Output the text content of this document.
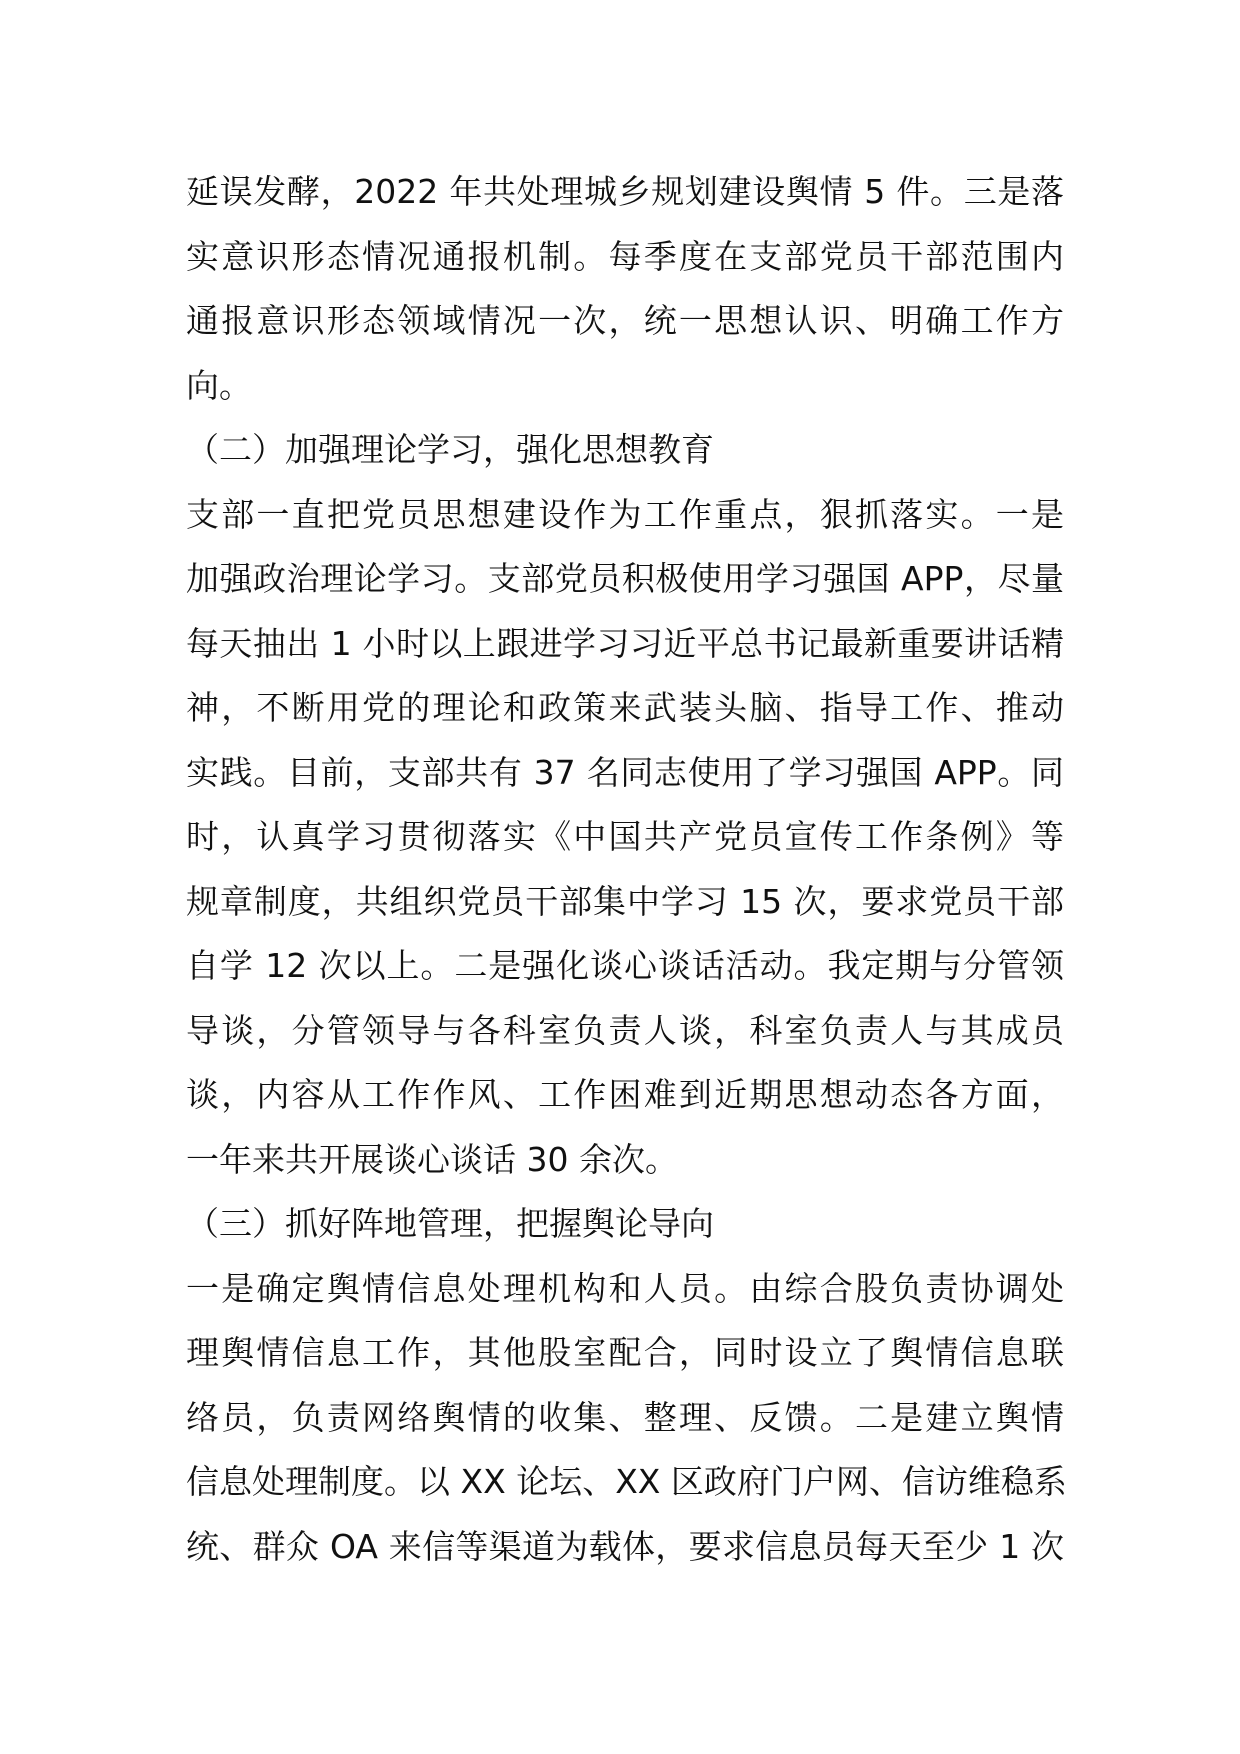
延误发酵，2022 年共处理城乡规划建设舆情 5 件。三是落
实意识形态情况通报机制。每季度在支部党员干部范围内
通报意识形态领域情况一次，统一思想认识、明确工作方
向。
（二）加强理论学习，强化思想教育
支部一直把党员思想建设作为工作重点，狠抓落实。一是
加强政治理论学习。支部党员积极使用学习强国 APP，尽量
每天抽出 1 小时以上跟进学习习近平总书记最新重要讲话精
神，不断用党的理论和政策来武装头脑、指导工作、推动
实践。目前，支部共有 37 名同志使用了学习强国 APP。同
时，认真学习贯彻落实《中国共产党员宣传工作条例》等
规章制度，共组织党员干部集中学习 15 次，要求党员干部
自学 12 次以上。二是强化谈心谈话活动。我定期与分管领
导谈，分管领导与各科室负责人谈，科室负责人与其成员
谈，内容从工作作风、工作困难到近期思想动态各方面，
一年来共开展谈心谈话 30 余次。
（三）抓好阵地管理，把握舆论导向
一是确定舆情信息处理机构和人员。由综合股负责协调处
理舆情信息工作，其他股室配合，同时设立了舆情信息联
络员，负责网络舆情的收集、整理、反馈。二是建立舆情
信息处理制度。以 XX 论坛、XX 区政府门户网、信访维稳系
统、群众 OA 来信等渠道为载体，要求信息员每天至少 1 次
